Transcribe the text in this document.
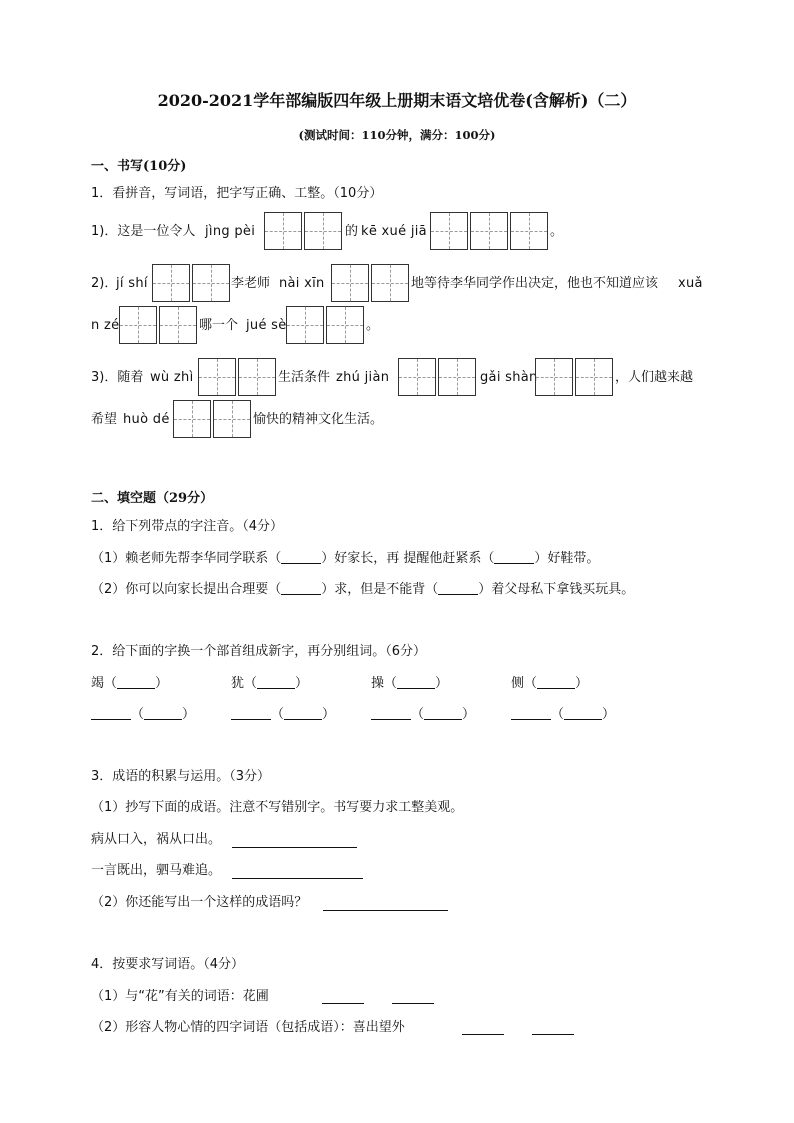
2020-2021学年部编版四年级上册期末语文培优卷(含解析)（二）
(测试时间：110分钟，满分：100分)
一、书写(10分)
1．看拼音，写词语，把字写正确、工整。（10分）
1)．这是一位令人 jìng pèi	的 kē xué jiā	。
2)．
jí shí	李老师 nài xīn	地等待李华同学作出决定，他也不知道应该 xuǎ
n zé	哪一个 jué sè	。
3)．随着 wù zhì	生活条件 zhú jiàn	gǎi shàn	，人们越来越
希望 huò dé	愉快的精神文化生活。
二、填空题（29分）
1．给下列带点的字注音。（4分）
（1）赖老师先帮李华同学联系（	）好家长，再 提醒他赶紧系（	）好鞋带。
（2）你可以向家长提出合理要（	）求，但是不能背（	）着父母私下拿钱买玩具。
2．给下面的字换一个部首组成新字，再分别组词。（6分）
竭（	）	犹（	）	操（	）	侧（	）
（	）	（	）	（	）	（	）
3．成语的积累与运用。（3分）
（1）抄写下面的成语。注意不写错别字。书写要力求工整美观。
病从口入，祸从口出。
一言既出，驷马难追。
（2）你还能写出一个这样的成语吗？
4．按要求写词语。（4分）
（1）与“花”有关的词语：花圃
（2）形容人物心情的四字词语（包括成语）：喜出望外
